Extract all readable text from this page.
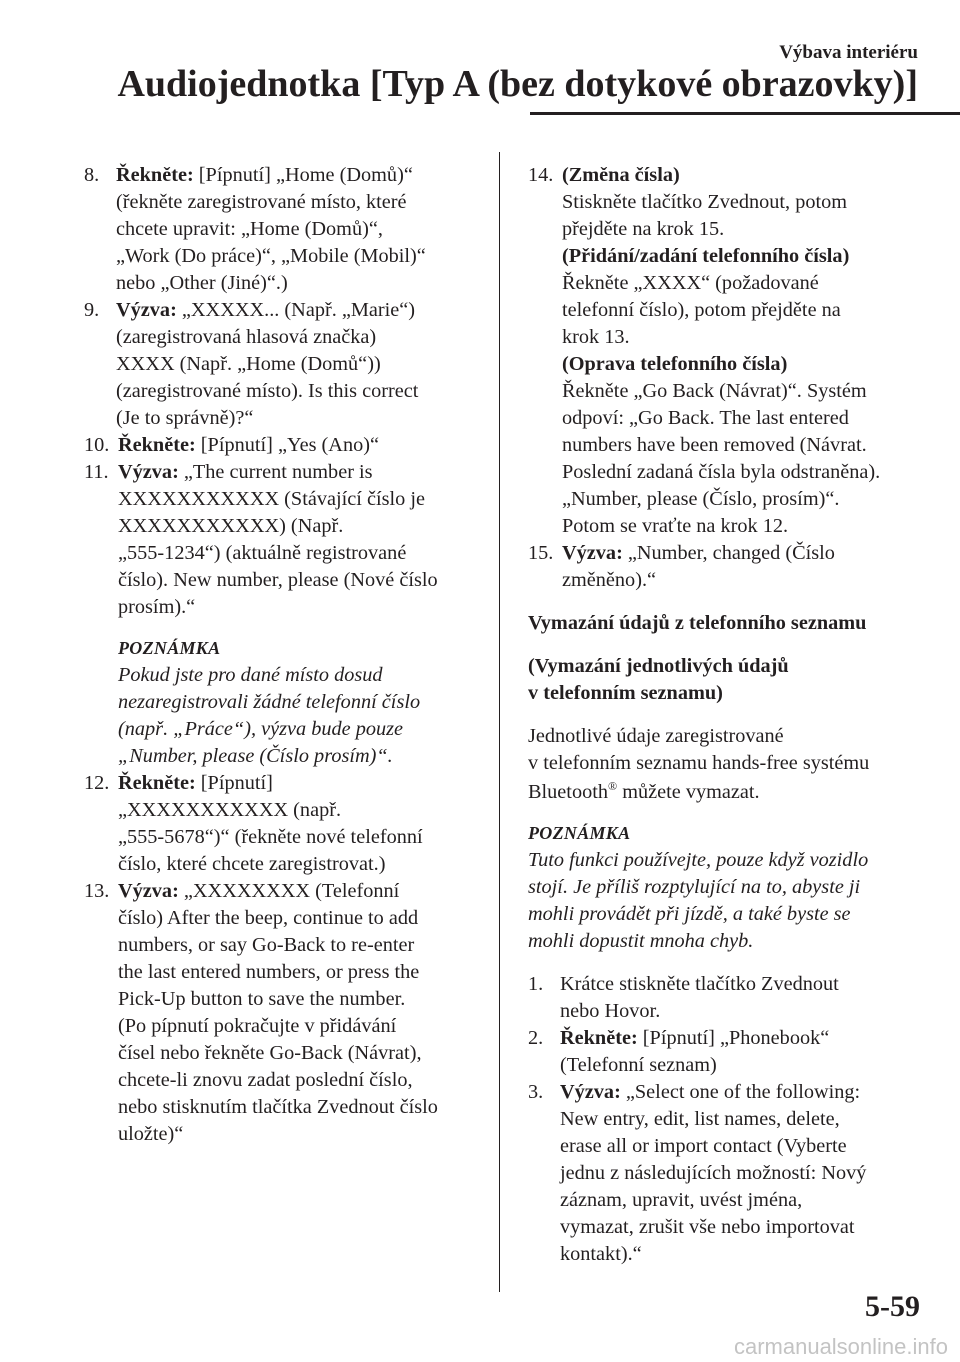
Výbava interiéru
Audiojednotka [Typ A (bez dotykové obrazovky)]
8. Řekněte: [Pípnutí] „Home (Domů)“
(řekněte zaregistrované místo, které
chcete upravit: „Home (Domů)“,
„Work (Do práce)“, „Mobile (Mobil)“
nebo „Other (Jiné)“.)
9. Výzva: „XXXXX... (Např. „Marie“)
(zaregistrovaná hlasová značka)
XXXX (Např. „Home (Domů“))
(zaregistrované místo). Is this correct
(Je to správně)?“
10. Řekněte: [Pípnutí] „Yes (Ano)“
11. Výzva: „The current number is
XXXXXXXXXXX (Stávající číslo je
XXXXXXXXXXX) (Např.
„555-1234“) (aktuálně registrované
číslo). New number, please (Nové číslo
prosím).“
POZNÁMKA
Pokud jste pro dané místo dosud
nezaregistrovali žádné telefonní číslo
(např. „Práce“), výzva bude pouze
„Number, please (Číslo prosím)“.
12. Řekněte: [Pípnutí]
„XXXXXXXXXXX (např.
„555-5678“)“ (řekněte nové telefonní
číslo, které chcete zaregistrovat.)
13. Výzva: „XXXXXXXX (Telefonní
číslo) After the beep, continue to add
numbers, or say Go-Back to re-enter
the last entered numbers, or press the
Pick-Up button to save the number.
(Po pípnutí pokračujte v přidávání
čísel nebo řekněte Go-Back (Návrat),
chcete-li znovu zadat poslední číslo,
nebo stisknutím tlačítka Zvednout číslo
uložte)“
14. (Změna čísla)
Stiskněte tlačítko Zvednout, potom
přejděte na krok 15.
(Přidání/zadání telefonního čísla)
Řekněte „XXXX“ (požadované
telefonní číslo), potom přejděte na
krok 13.
(Oprava telefonního čísla)
Řekněte „Go Back (Návrat)“. Systém
odpoví: „Go Back. The last entered
numbers have been removed (Návrat.
Poslední zadaná čísla byla odstraněna).
„Number, please (Číslo, prosím)“.
Potom se vraťte na krok 12.
15. Výzva: „Number, changed (Číslo
změněno).“
Vymazání údajů z telefonního seznamu
(Vymazání jednotlivých údajů
v telefonním seznamu)
Jednotlivé údaje zaregistrované
v telefonním seznamu hands-free systému
Bluetooth® můžete vymazat.
POZNÁMKA
Tuto funkci používejte, pouze když vozidlo
stojí. Je příliš rozptylující na to, abyste ji
mohli provádět při jízdě, a také byste se
mohli dopustit mnoha chyb.
1. Krátce stiskněte tlačítko Zvednout
nebo Hovor.
2. Řekněte: [Pípnutí] „Phonebook“
(Telefonní seznam)
3. Výzva: „Select one of the following:
New entry, edit, list names, delete,
erase all or import contact (Vyberte
jednu z následujících možností: Nový
záznam, upravit, uvést jména,
vymazat, zrušit vše nebo importovat
kontakt).“
5-59
carmanualsonline.info
